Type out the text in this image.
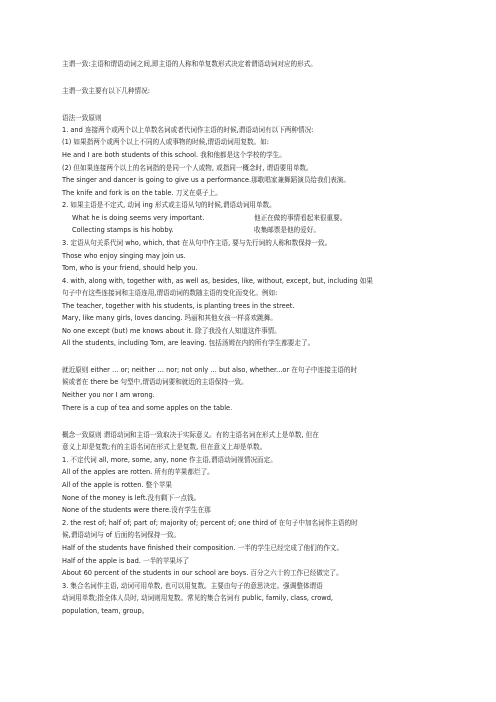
主谓一致:主语和谓语动词之间,即主语的人称和单复数形式决定着谓语动词对应的形式。
主谓一致主要有以下几种情况:
语法一致原则
1. and 连接两个或两个以上单数名词或者代词作主语的时候,谓语动词有以下两种情况:
(1) 如果指两个或两个以上不同的人或事物的时候,谓语动词用复数。如:
He and I are both students of this school. 我和他都是这个学校的学生。
(2) 但如果连接两个以上的名词指的是同一个人或物, 或指同一概念时, 谓语要用单数。
The singer and dancer is going to give us a performance.那歌唱家兼舞蹈演员给我们表演。
The knife and fork is on the table. 刀叉在桌子上。
2. 如果主语是不定式, 动词 ing 形式或主语从句的时候,谓语动词用单数。
What he is doing seems very important.	他正在做的事情看起来很重要。
Collecting stamps is his hobby.	收集邮票是他的爱好。
3. 定语从句关系代词 who, which, that 在从句中作主语, 要与先行词的人称和数保持一致。
Those who enjoy singing may join us.
Tom, who is your friend, should help you.
4. with, along with, together with, as well as, besides, like, without, except, but, including 如果
句子中有这些连接词和主语连用,谓语动词的数随主语的变化而变化。例如:
The teacher, together with his students, is planting trees in the street.
Mary, like many girls, loves dancing. 玛丽和其他女孩一样喜欢跳舞。
No one except (but) me knows about it. 除了我没有人知道这件事情。
All the students, including Tom, are leaving. 包括汤姆在内的所有学生都要走了。
就近原则 either … or; neither … nor; not only … but also, whether...or 在句子中连接主语的时
候或者在 there be 句型中,谓语动词要和就近的主语保持一致。
Neither you nor I am wrong.
There is a cup of tea and some apples on the table.
概念一致原则 谓语动词和主语一致取决于实际意义。有的主语名词在形式上是单数, 但在
意义上却是复数;有的主语名词在形式上是复数, 但在意义上却是单数。
1. 不定代词 all, more, some, any, none 作主语,谓语动词视情况而定。
All of the apples are rotten. 所有的苹果都烂了。
All of the apple is rotten. 整个苹果
None of the money is left.没有剩下一点钱。
None of the students were there.没有学生在那
2. the rest of; half of; part of; majority of; percent of; one third of 在句子中加名词作主语的时
候,谓语动词与 of 后面的名词保持一致。
Half of the students have finished their composition. 一半的学生已经完成了他们的作文。
Half of the apple is bad. 一半的苹果坏了
About 60 percent of the students in our school are boys. 百分之六十的工作已经做完了。
3. 集合名词作主语, 动词可用单数, 也可以用复数。主要由句子的意思决定。强调整体谓语
动词用单数;指全体人员时, 动词则用复数。常见的集合名词有 public, family, class, crowd,
population, team, group。
